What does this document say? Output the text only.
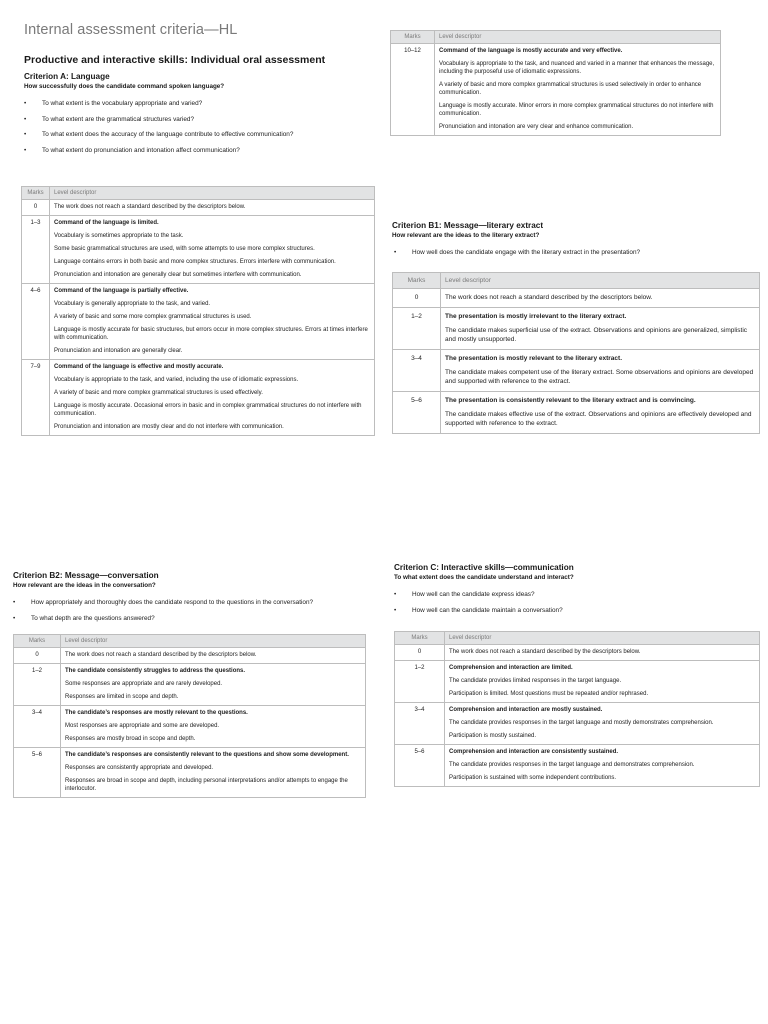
Internal assessment criteria—HL
Productive and interactive skills: Individual oral assessment
Criterion A: Language
How successfully does the candidate command spoken language?
• To what extent is the vocabulary appropriate and varied?
• To what extent are the grammatical structures varied?
• To what extent does the accuracy of the language contribute to effective communication?
• To what extent do pronunciation and intonation affect communication?
Marks	Level descriptor
0	The work does not reach a standard described by the descriptors below.

1–3	Command of the language is limited.

Vocabulary is sometimes appropriate to the task.

Some basic grammatical structures are used, with some attempts to use more complex structures.

Language contains errors in both basic and more complex structures. Errors interfere with communication.

Pronunciation and intonation are generally clear but sometimes interfere with communication.

4–6	Command of the language is partially effective.

Vocabulary is generally appropriate to the task, and varied.

A variety of basic and some more complex grammatical structures is used.

Language is mostly accurate for basic structures, but errors occur in more complex structures. Errors at times interfere with communication.

Pronunciation and intonation are generally clear.

7–9	Command of the language is effective and mostly accurate.

Vocabulary is appropriate to the task, and varied, including the use of idiomatic expressions.

A variety of basic and more complex grammatical structures is used effectively.

Language is mostly accurate. Occasional errors in basic and in complex grammatical structures do not interfere with communication.

Pronunciation and intonation are mostly clear and do not interfere with communication.

Marks	Level descriptor
10–12	Command of the language is mostly accurate and very effective.

Vocabulary is appropriate to the task, and nuanced and varied in a manner that enhances the message, including the purposeful use of idiomatic expressions.

A variety of basic and more complex grammatical structures is used selectively in order to enhance communication.

Language is mostly accurate. Minor errors in more complex grammatical structures do not interfere with communication.

Pronunciation and intonation are very clear and enhance communication.

Criterion B1: Message—literary extract
How relevant are the ideas to the literary extract?
• How well does the candidate engage with the literary extract in the presentation?
Marks	Level descriptor
0	The work does not reach a standard described by the descriptors below.

1–2	The presentation is mostly irrelevant to the literary extract.

The candidate makes superficial use of the extract. Observations and opinions are generalized, simplistic and mostly unsupported.

3–4	The presentation is mostly relevant to the literary extract.

The candidate makes competent use of the literary extract. Some observations and opinions are developed and supported with reference to the extract.

5–6	The presentation is consistently relevant to the literary extract and is convincing.

The candidate makes effective use of the extract. Observations and opinions are effectively developed and supported with reference to the extract.

Criterion B2: Message—conversation
How relevant are the ideas in the conversation?
• How appropriately and thoroughly does the candidate respond to the questions in the conversation?
• To what depth are the questions answered?
Marks	Level descriptor
0	The work does not reach a standard described by the descriptors below.

1–2	The candidate consistently struggles to address the questions.

Some responses are appropriate and are rarely developed.

Responses are limited in scope and depth.

3–4	The candidate’s responses are mostly relevant to the questions.

Most responses are appropriate and some are developed.

Responses are mostly broad in scope and depth.

5–6	The candidate’s responses are consistently relevant to the questions and show some development.

Responses are consistently appropriate and developed.

Responses are broad in scope and depth, including personal interpretations and/or attempts to engage the interlocutor.

Criterion C: Interactive skills—communication
To what extent does the candidate understand and interact?
• How well can the candidate express ideas?
• How well can the candidate maintain a conversation?
Marks	Level descriptor
0	The work does not reach a standard described by the descriptors below.

1–2	Comprehension and interaction are limited.

The candidate provides limited responses in the target language.

Participation is limited. Most questions must be repeated and/or rephrased.

3–4	Comprehension and interaction are mostly sustained.

The candidate provides responses in the target language and mostly demonstrates comprehension.

Participation is mostly sustained.

5–6	Comprehension and interaction are consistently sustained.

The candidate provides responses in the target language and demonstrates comprehension.

Participation is sustained with some independent contributions.
